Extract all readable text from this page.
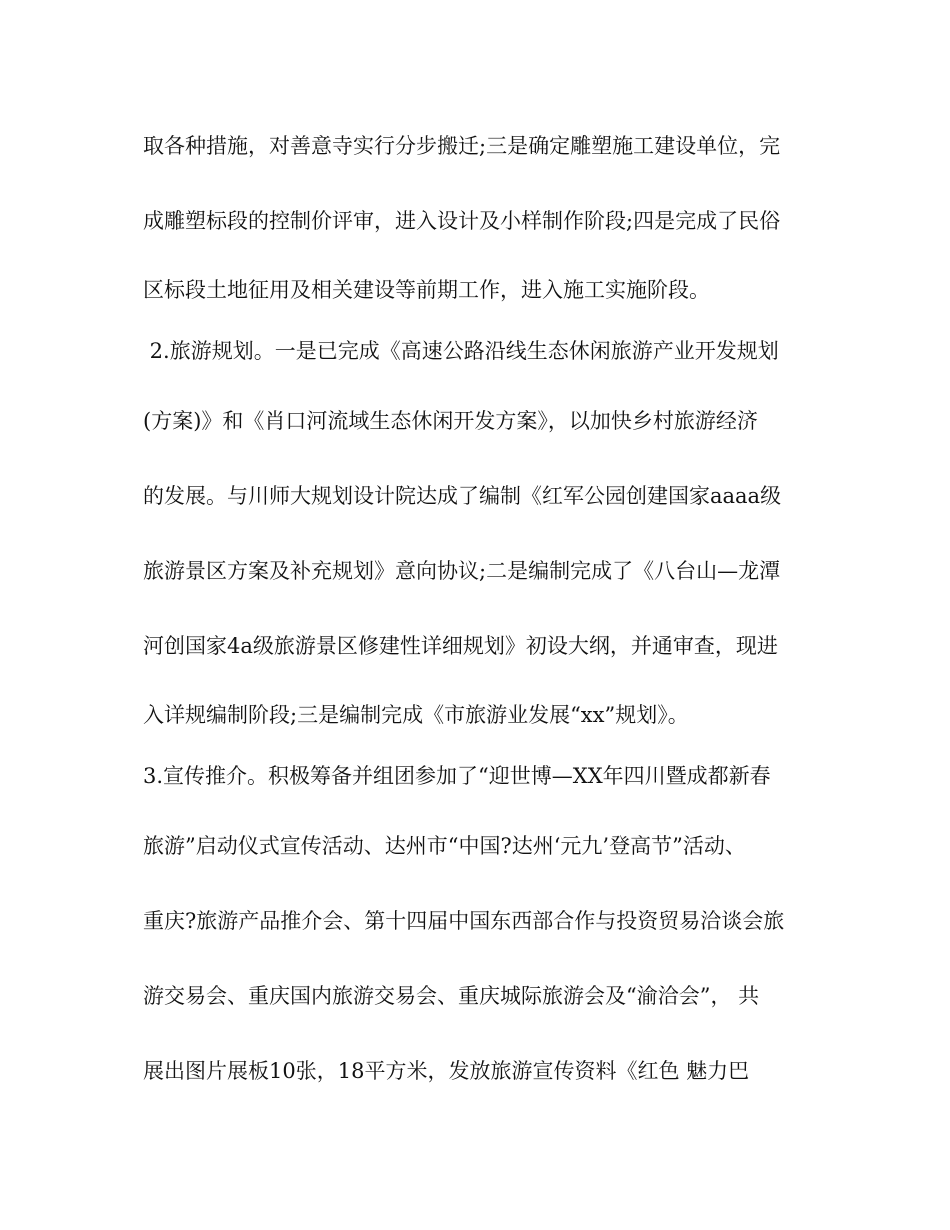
取各种措施，对善意寺实行分步搬迁;三是确定雕塑施工建设单位，完
成雕塑标段的控制价评审，进入设计及小样制作阶段;四是完成了民俗
区标段土地征用及相关建设等前期工作，进入施工实施阶段。
2.旅游规划。一是已完成《高速公路沿线生态休闲旅游产业开发规划
(方案)》和《肖口河流域生态休闲开发方案》，以加快乡村旅游经济
的发展。与川师大规划设计院达成了编制《红军公园创建国家aaaa级
旅游景区方案及补充规划》意向协议;二是编制完成了《八台山—龙潭
河创国家4a级旅游景区修建性详细规划》初设大纲，并通审查，现进
入详规编制阶段;三是编制完成《市旅游业发展“xx”规划》。
3.宣传推介。积极筹备并组团参加了“迎世博—XX年四川暨成都新春
旅游”启动仪式宣传活动、达州市“中国?达州‘元九’登高节”活动、
重庆?旅游产品推介会、第十四届中国东西部合作与投资贸易洽谈会旅
游交易会、重庆国内旅游交易会、重庆城际旅游会及“渝洽会”， 共
展出图片展板10张，18平方米，发放旅游宣传资料《红色 魅力巴
